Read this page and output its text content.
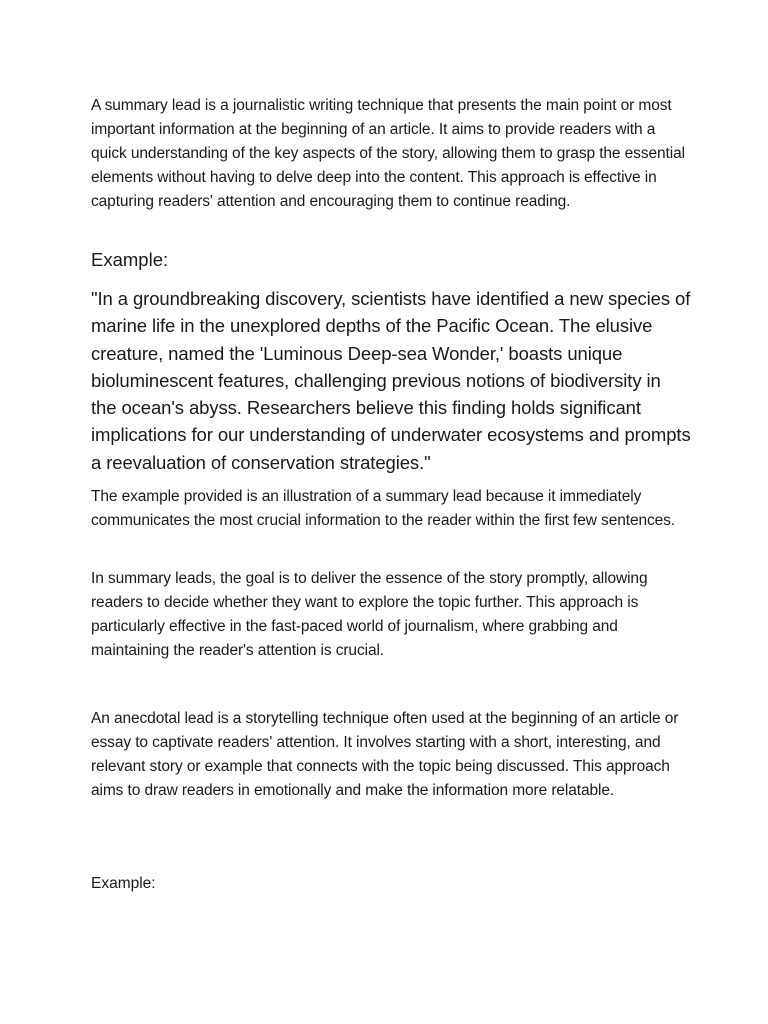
A summary lead is a journalistic writing technique that presents the main point or most important information at the beginning of an article. It aims to provide readers with a quick understanding of the key aspects of the story, allowing them to grasp the essential elements without having to delve deep into the content. This approach is effective in capturing readers' attention and encouraging them to continue reading.

Example:

"In a groundbreaking discovery, scientists have identified a new species of marine life in the unexplored depths of the Pacific Ocean. The elusive creature, named the 'Luminous Deep-sea Wonder,' boasts unique bioluminescent features, challenging previous notions of biodiversity in the ocean's abyss. Researchers believe this finding holds significant implications for our understanding of underwater ecosystems and prompts a reevaluation of conservation strategies."

The example provided is an illustration of a summary lead because it immediately communicates the most crucial information to the reader within the first few sentences.

In summary leads, the goal is to deliver the essence of the story promptly, allowing readers to decide whether they want to explore the topic further. This approach is particularly effective in the fast-paced world of journalism, where grabbing and maintaining the reader's attention is crucial.

An anecdotal lead is a storytelling technique often used at the beginning of an article or essay to captivate readers' attention. It involves starting with a short, interesting, and relevant story or example that connects with the topic being discussed. This approach aims to draw readers in emotionally and make the information more relatable.

Example:
